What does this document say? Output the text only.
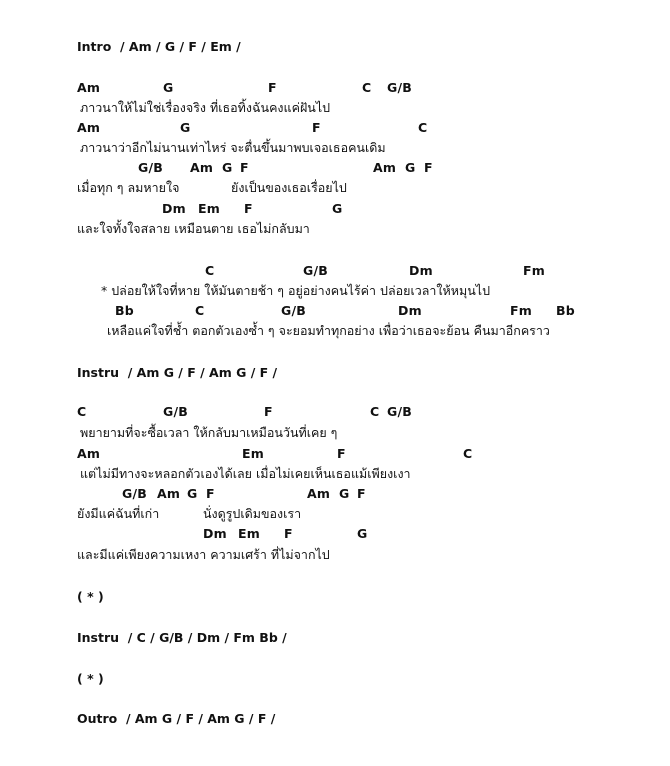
Intro  / Am / G / F / Em /
Am	G	F	C G/B
ภาวนาให้ไม่ใช่เรื่องจริง ที่เธอทิ้งฉันคงแค่ฝันไป
Am	G	F	C
ภาวนาว่าอีกไม่นานเท่าไหร่ จะตื่นขึ้นมาพบเจอเธอคนเดิม
G/B Am G F	Am G F
เมื่อทุก ๆ ลมหายใจ             ยังเป็นของเธอเรื่อยไป
Dm Em F	G
และใจทั้งใจสลาย เหมือนตาย เธอไม่กลับมา
C	G/B	Dm	Fm
* ปล่อยให้ใจที่หาย ให้มันตายช้า ๆ อยู่อย่างคนไร้ค่า ปล่อยเวลาให้หมุนไป
Bb	C	G/B	Dm	Fm Bb
เหลือแค่ใจที่ช้ำ ตอกตัวเองซ้ำ ๆ จะยอมทำทุกอย่าง เพื่อว่าเธอจะย้อน คืนมาอีกคราว
Instru  / Am G / F / Am G / F /
C	G/B	F	C G/B
พยายามที่จะซื้อเวลา ให้กลับมาเหมือนวันที่เคย ๆ
Am	Em	F	C
แต่ไม่มีทางจะหลอกตัวเองได้เลย เมื่อไม่เคยเห็นเธอแม้เพียงเงา
G/B Am G F	Am G F
ยังมีแค่ฉันที่เก่า           นั่งดูรูปเดิมของเรา
Dm Em F	G
และมีแค่เพียงความเหงา ความเศร้า ที่ไม่จากไป
( * )
Instru  / C / G/B / Dm / Fm Bb /
( * )
Outro  / Am G / F / Am G / F /
